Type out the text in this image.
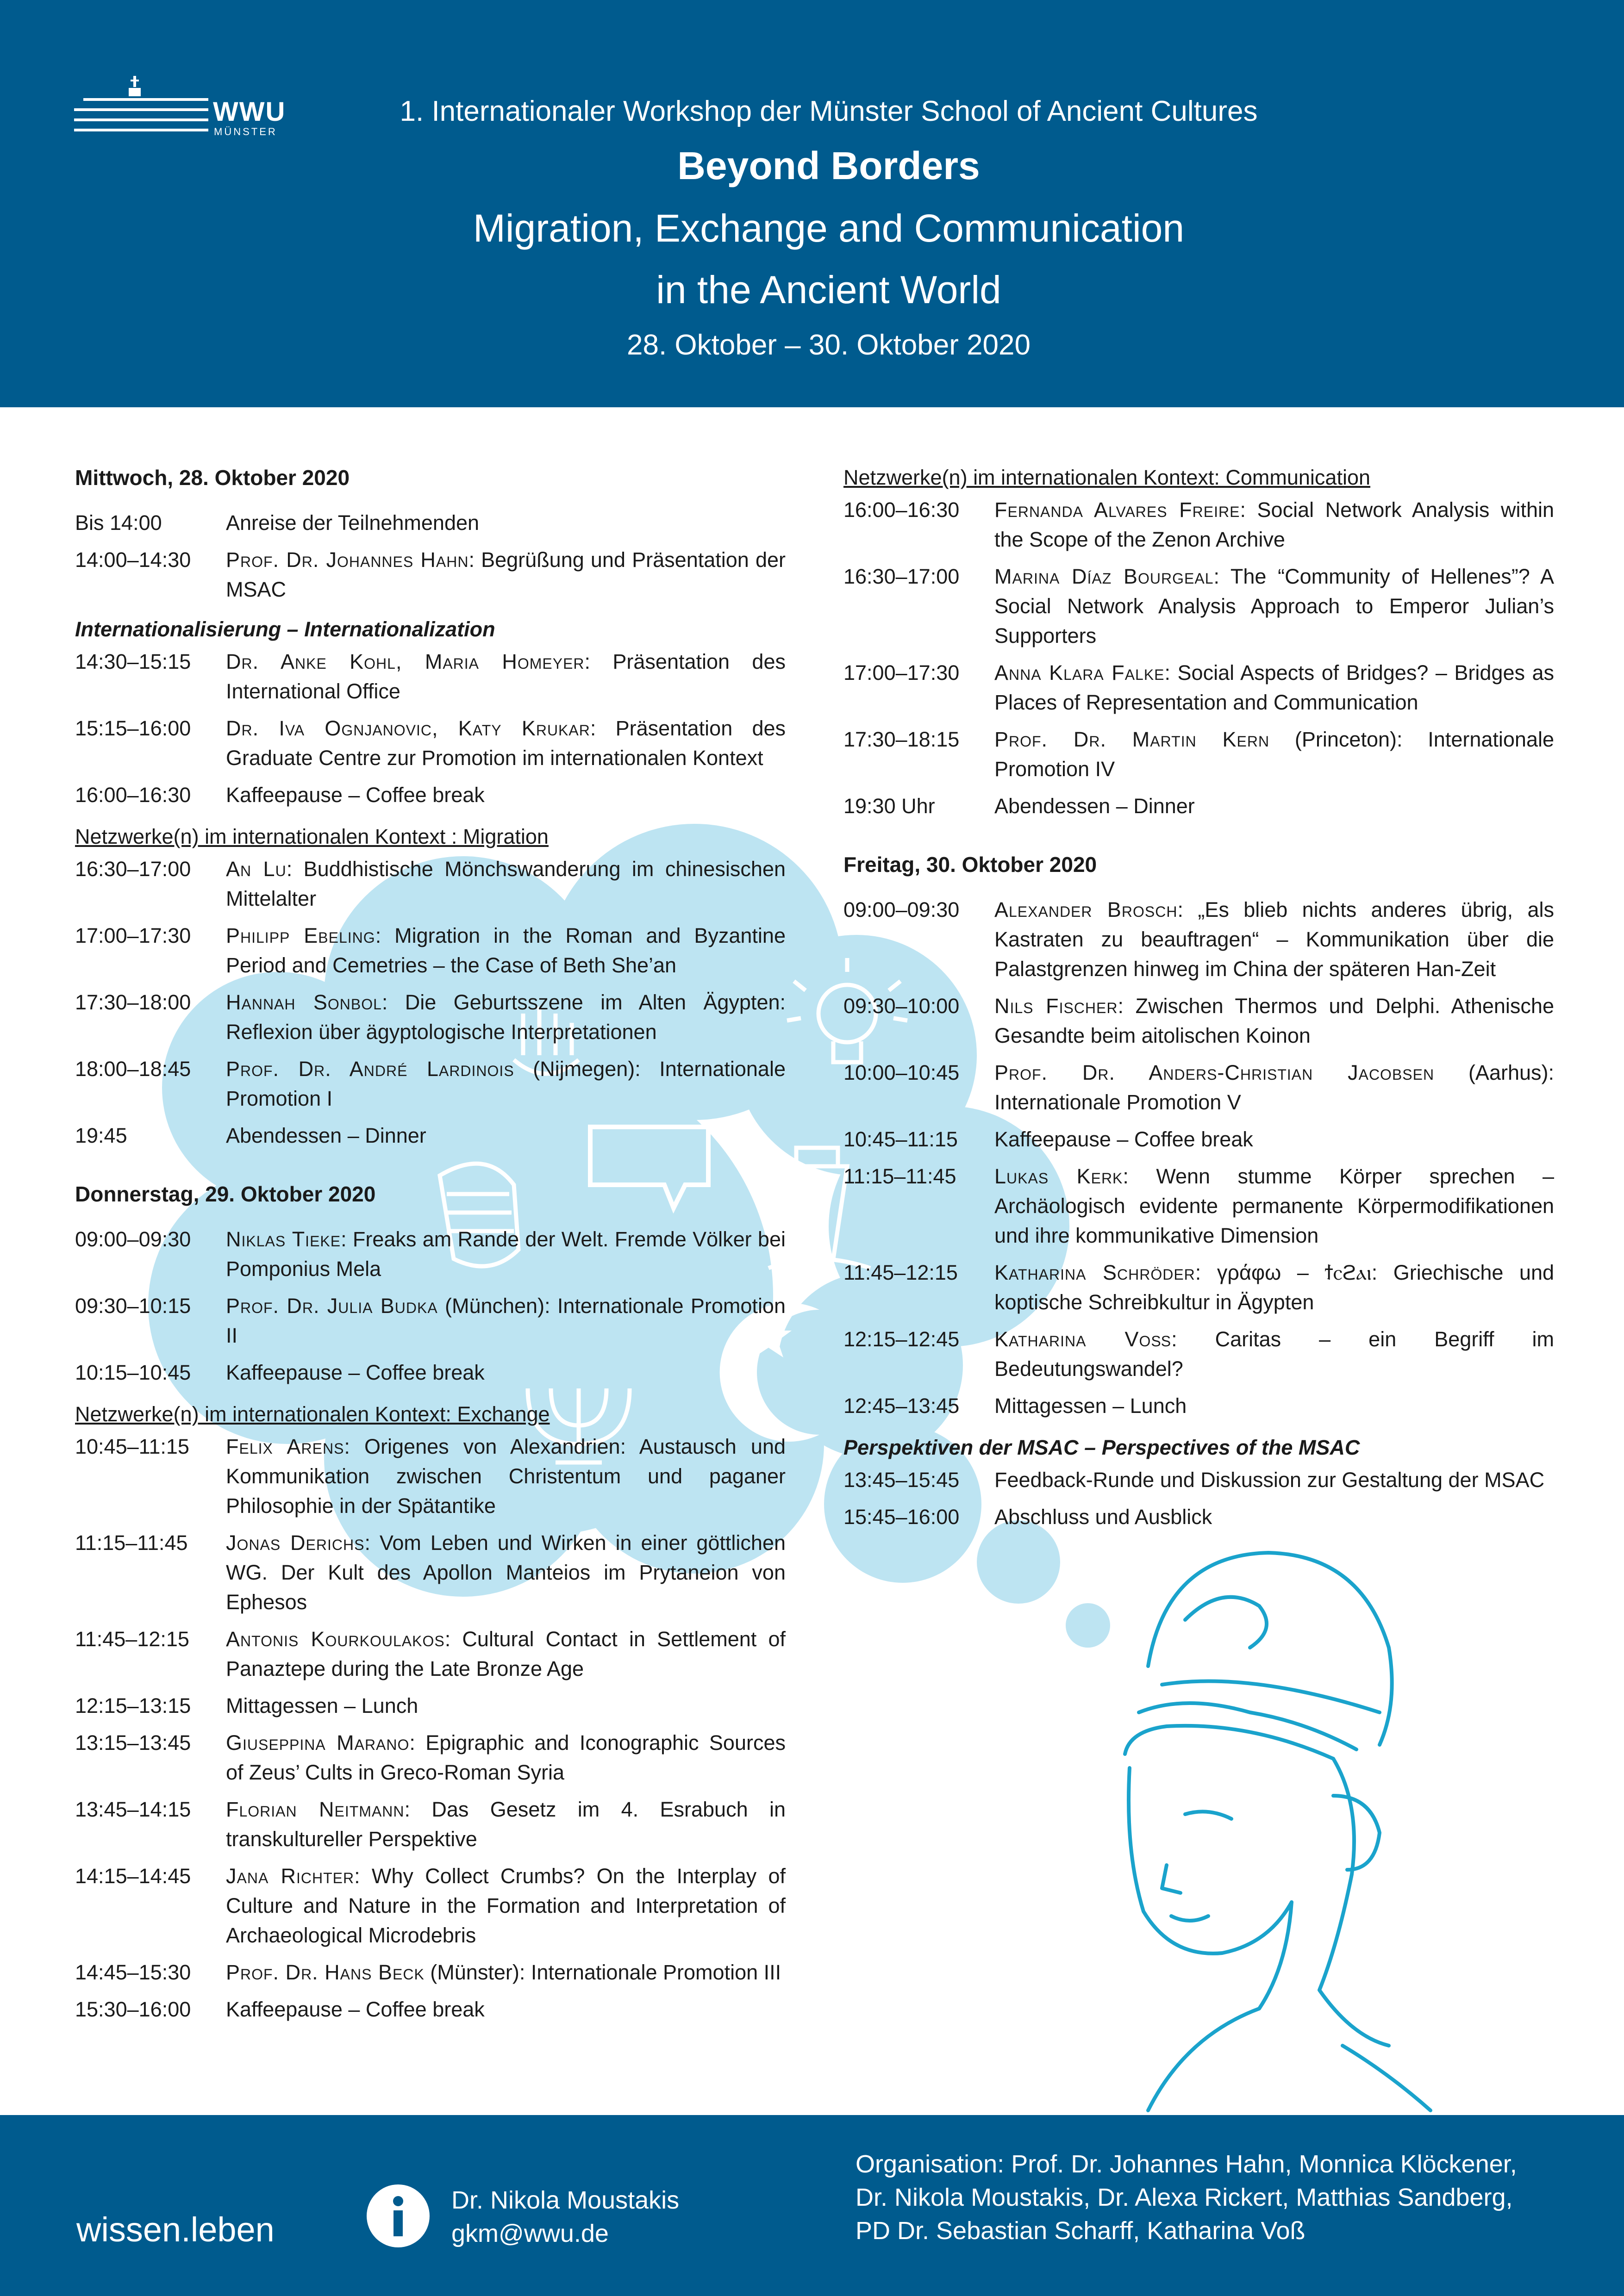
WWU
MÜNSTER
1. Internationaler Workshop der Münster School of Ancient Cultures
Beyond Borders
Migration, Exchange and Communication
in the Ancient World
28. Oktober – 30. Oktober 2020
Mittwoch, 28. Oktober 2020
Bis 14:00	Anreise der Teilnehmenden
14:00–14:30	Prof. Dr. Johannes Hahn: Begrüßung und Präsentation der MSAC
Internationalisierung – Internationalization
14:30–15:15	Dr. Anke Kohl, Maria Homeyer: Präsentation des International Office
15:15–16:00	Dr. Iva Ognjanovic, Katy Krukar: Präsentation des Graduate Centre zur Promotion im internationalen Kontext
16:00–16:30	Kaffeepause – Coffee break
Netzwerke(n) im internationalen Kontext : Migration
16:30–17:00	An Lu: Buddhistische Mönchswanderung im chinesischen Mittelalter
17:00–17:30	Philipp Ebeling: Migration in the Roman and Byzantine Period and Cemetries – the Case of Beth She’an
17:30–18:00	Hannah Sonbol: Die Geburtsszene im Alten Ägypten: Reflexion über ägyptologische Interpretationen
18:00–18:45	Prof. Dr. André Lardinois (Nijmegen): Internationale Promotion I
19:45	Abendessen – Dinner
Donnerstag, 29. Oktober 2020
09:00–09:30	Niklas Tieke: Freaks am Rande der Welt. Fremde Völker bei Pomponius Mela
09:30–10:15	Prof. Dr. Julia Budka (München): Internationale Promotion II
10:15–10:45	Kaffeepause – Coffee break
Netzwerke(n) im internationalen Kontext: Exchange
10:45–11:15	Felix Arens: Origenes von Alexandrien: Austausch und Kommunikation zwischen Christentum und paganer Philosophie in der Spätantike
11:15–11:45	Jonas Derichs: Vom Leben und Wirken in einer göttlichen WG. Der Kult des Apollon Manteios im Prytaneion von Ephesos
11:45–12:15	Antonis Kourkoulakos: Cultural Contact in Settlement of Panaztepe during the Late Bronze Age
12:15–13:15	Mittagessen – Lunch
13:15–13:45	Giuseppina Marano: Epigraphic and Iconographic Sources of Zeus’ Cults in Greco-Roman Syria
13:45–14:15	Florian Neitmann: Das Gesetz im 4. Esrabuch in transkultureller Perspektive
14:15–14:45	Jana Richter: Why Collect Crumbs? On the Interplay of Culture and Nature in the Formation and Interpretation of Archaeological Microdebris
14:45–15:30	Prof. Dr. Hans Beck (Münster): Internationale Promotion III
15:30–16:00	Kaffeepause – Coffee break
Netzwerke(n) im internationalen Kontext: Communication
16:00–16:30	Fernanda Alvares Freire: Social Network Analysis within the Scope of the Zenon Archive
16:30–17:00	Marina Díaz Bourgeal: The “Community of Hellenes”? A Social Network Analysis Approach to Emperor Julian’s Supporters
17:00–17:30	Anna Klara Falke: Social Aspects of Bridges? – Bridges as Places of Representation and Communication
17:30–18:15	Prof. Dr. Martin Kern (Princeton): Internationale Promotion IV
19:30 Uhr	Abendessen – Dinner
Freitag, 30. Oktober 2020
09:00–09:30	Alexander Brosch: „Es blieb nichts anderes übrig, als Kastraten zu beauftragen“ – Kommunikation über die Palastgrenzen hinweg im China der späteren Han-Zeit
09:30–10:00	Nils Fischer: Zwischen Thermos und Delphi. Athenische Gesandte beim aitolischen Koinon
10:00–10:45	Prof. Dr. Anders-Christian Jacobsen (Aarhus): Internationale Promotion V
10:45–11:15	Kaffeepause – Coffee break
11:15–11:45	Lukas Kerk: Wenn stumme Körper sprechen – Archäologisch evidente permanente Körpermodifikationen und ihre kommunikative Dimension
11:45–12:15	Katharina Schröder: γράφω – ϯⲥϩⲁⲓ: Griechische und koptische Schreibkultur in Ägypten
12:15–12:45	Katharina Voß: Caritas – ein Begriff im Bedeutungswandel?
12:45–13:45	Mittagessen – Lunch
Perspektiven der MSAC – Perspectives of the MSAC
13:45–15:45	Feedback-Runde und Diskussion zur Gestaltung der MSAC
15:45–16:00	Abschluss und Ausblick
wissen.leben
Dr. Nikola Moustakis
gkm@wwu.de
Organisation: Prof. Dr. Johannes Hahn, Monnica Klöckener,
Dr. Nikola Moustakis, Dr. Alexa Rickert, Matthias Sandberg,
PD Dr. Sebastian Scharff, Katharina Voß
